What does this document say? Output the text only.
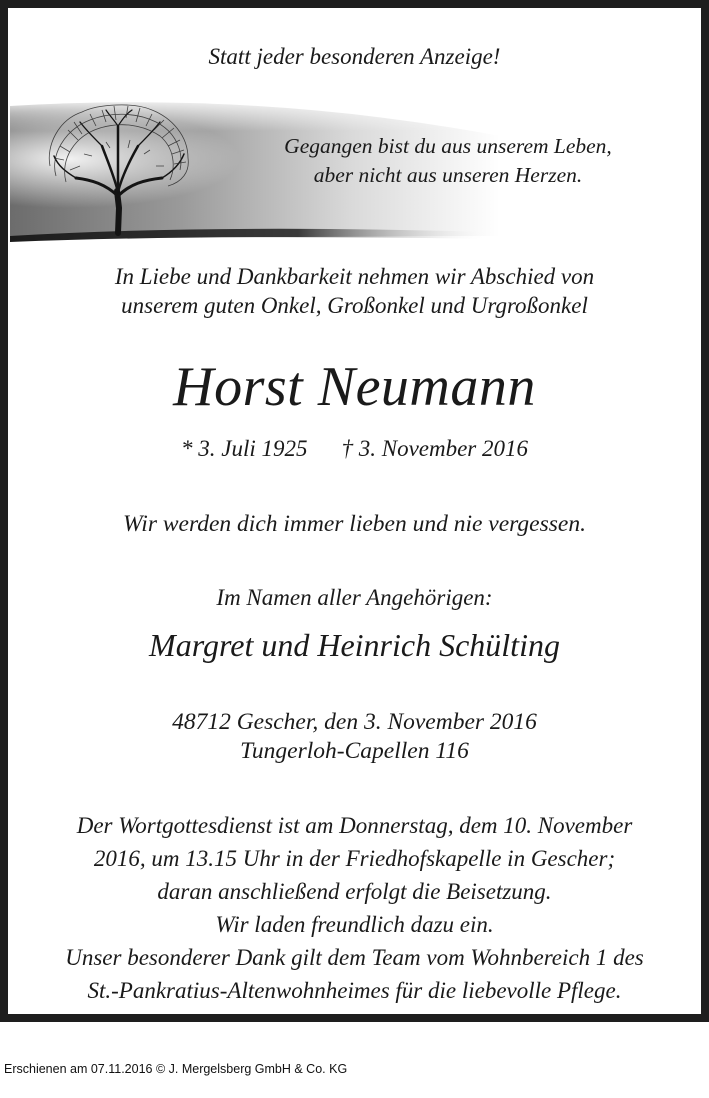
Statt jeder besonderen Anzeige!
Gegangen bist du aus unserem Leben,
aber nicht aus unseren Herzen.
In Liebe und Dankbarkeit nehmen wir Abschied von
unserem guten Onkel, Großonkel und Urgroßonkel
Horst Neumann
* 3. Juli 1925 † 3. November 2016
Wir werden dich immer lieben und nie vergessen.
Im Namen aller Angehörigen:
Margret und Heinrich Schülting
48712 Gescher, den 3. November 2016
Tungerloh-Capellen 116
Der Wortgottesdienst ist am Donnerstag, dem 10. November
2016, um 13.15 Uhr in der Friedhofskapelle in Gescher;
daran anschließend erfolgt die Beisetzung.
Wir laden freundlich dazu ein.
Unser besonderer Dank gilt dem Team vom Wohnbereich 1 des
St.-Pankratius-Altenwohnheimes für die liebevolle Pflege.
Erschienen am 07.11.2016 © J. Mergelsberg GmbH & Co. KG
